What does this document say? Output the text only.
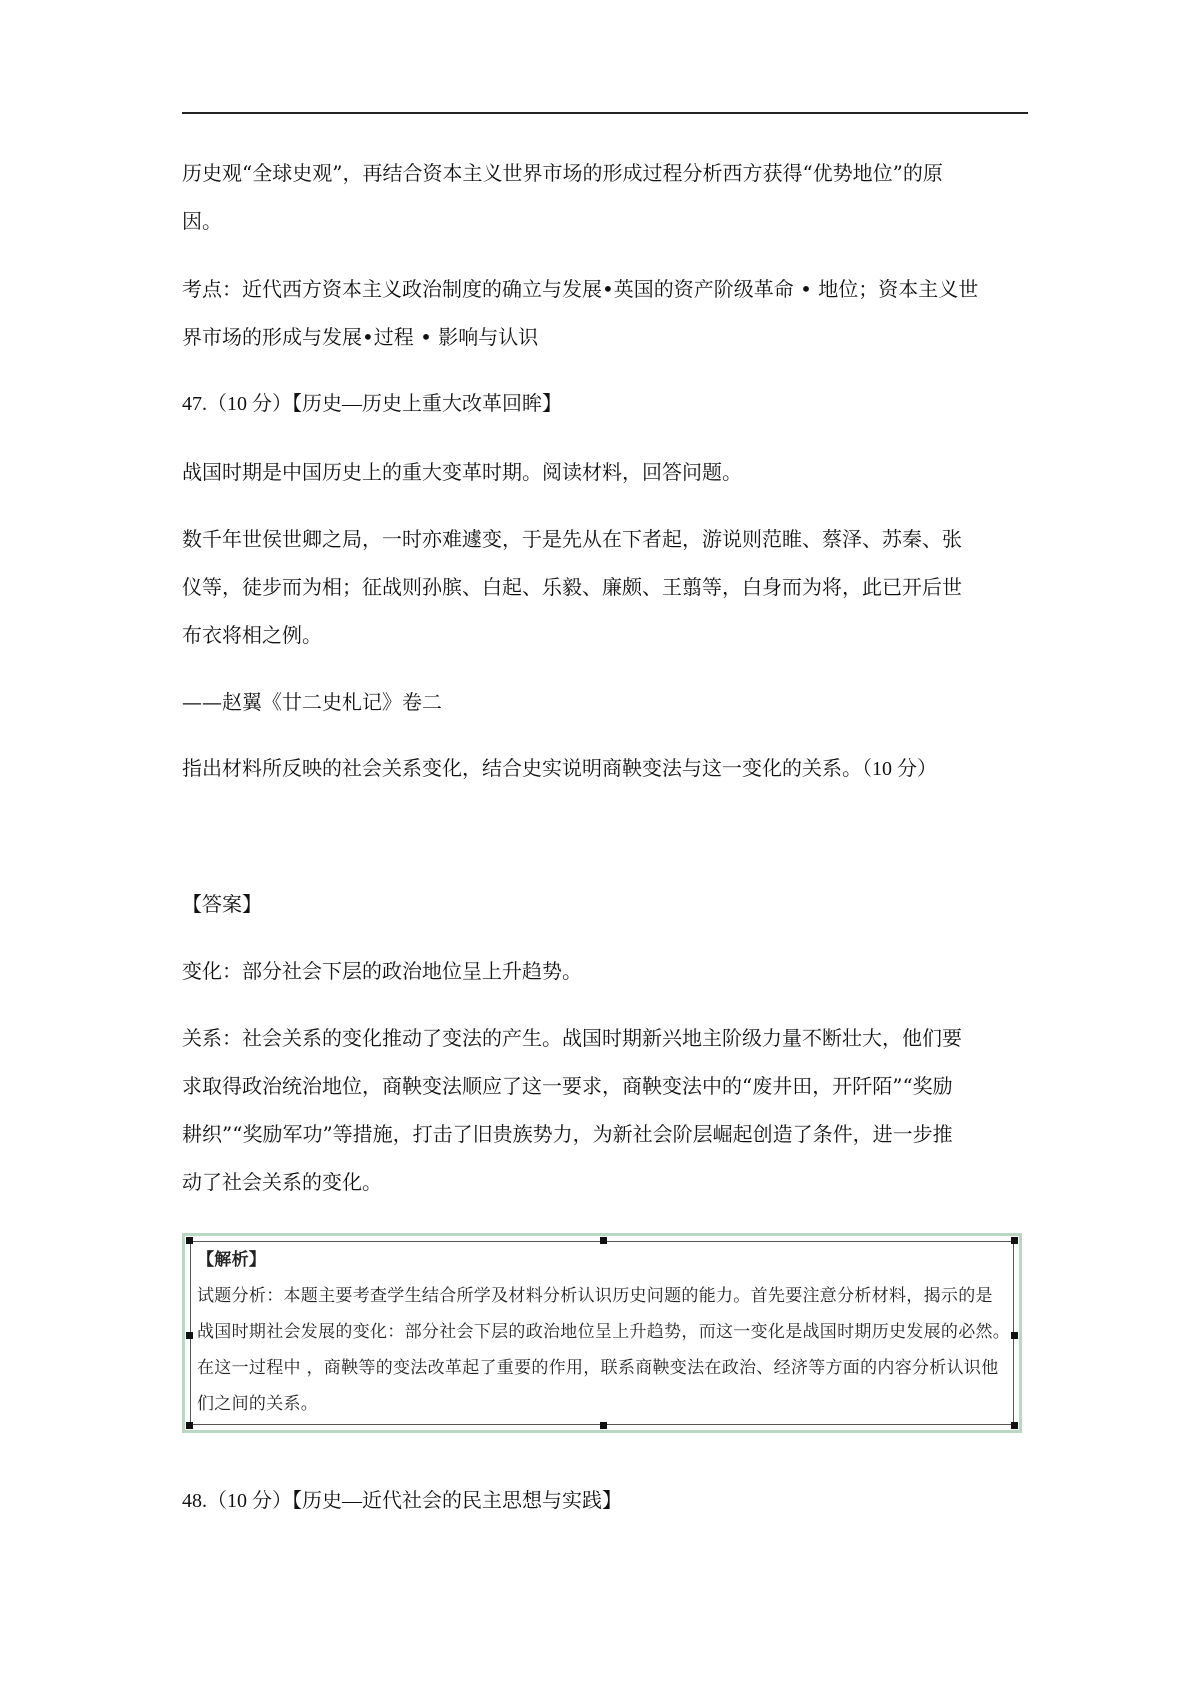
历史观“全球史观”，再结合资本主义世界市场的形成过程分析西方获得“优势地位”的原

因。

考点：近代西方资本主义政治制度的确立与发展•英国的资产阶级革命 • 地位；资本主义世

界市场的形成与发展•过程 • 影响与认识

47.（10 分）【历史—历史上重大改革回眸】

战国时期是中国历史上的重大变革时期。阅读材料，回答问题。

数千年世侯世卿之局，一时亦难遽变，于是先从在下者起，游说则范睢、蔡泽、苏秦、张

仪等，徒步而为相；征战则孙膑、白起、乐毅、廉颇、王翦等，白身而为将，此已开后世

布衣将相之例。

——赵翼《廿二史札记》卷二

指出材料所反映的社会关系变化，结合史实说明商鞅变法与这一变化的关系。（10 分）

【答案】

变化：部分社会下层的政治地位呈上升趋势。

关系：社会关系的变化推动了变法的产生。战国时期新兴地主阶级力量不断壮大，他们要

求取得政治统治地位，商鞅变法顺应了这一要求，商鞅变法中的“废井田，开阡陌”“奖励

耕织”“奖励军功”等措施，打击了旧贵族势力，为新社会阶层崛起创造了条件，进一步推

动了社会关系的变化。

【解析】
试题分析：本题主要考查学生结合所学及材料分析认识历史问题的能力。首先要注意分析材料，揭示的是
战国时期社会发展的变化：部分社会下层的政治地位呈上升趋势，而这一变化是战国时期历史发展的必然。
在这一过程中 ，商鞅等的变法改革起了重要的作用，联系商鞅变法在政治、经济等方面的内容分析认识他
们之间的关系。

48.（10 分）【历史—近代社会的民主思想与实践】
